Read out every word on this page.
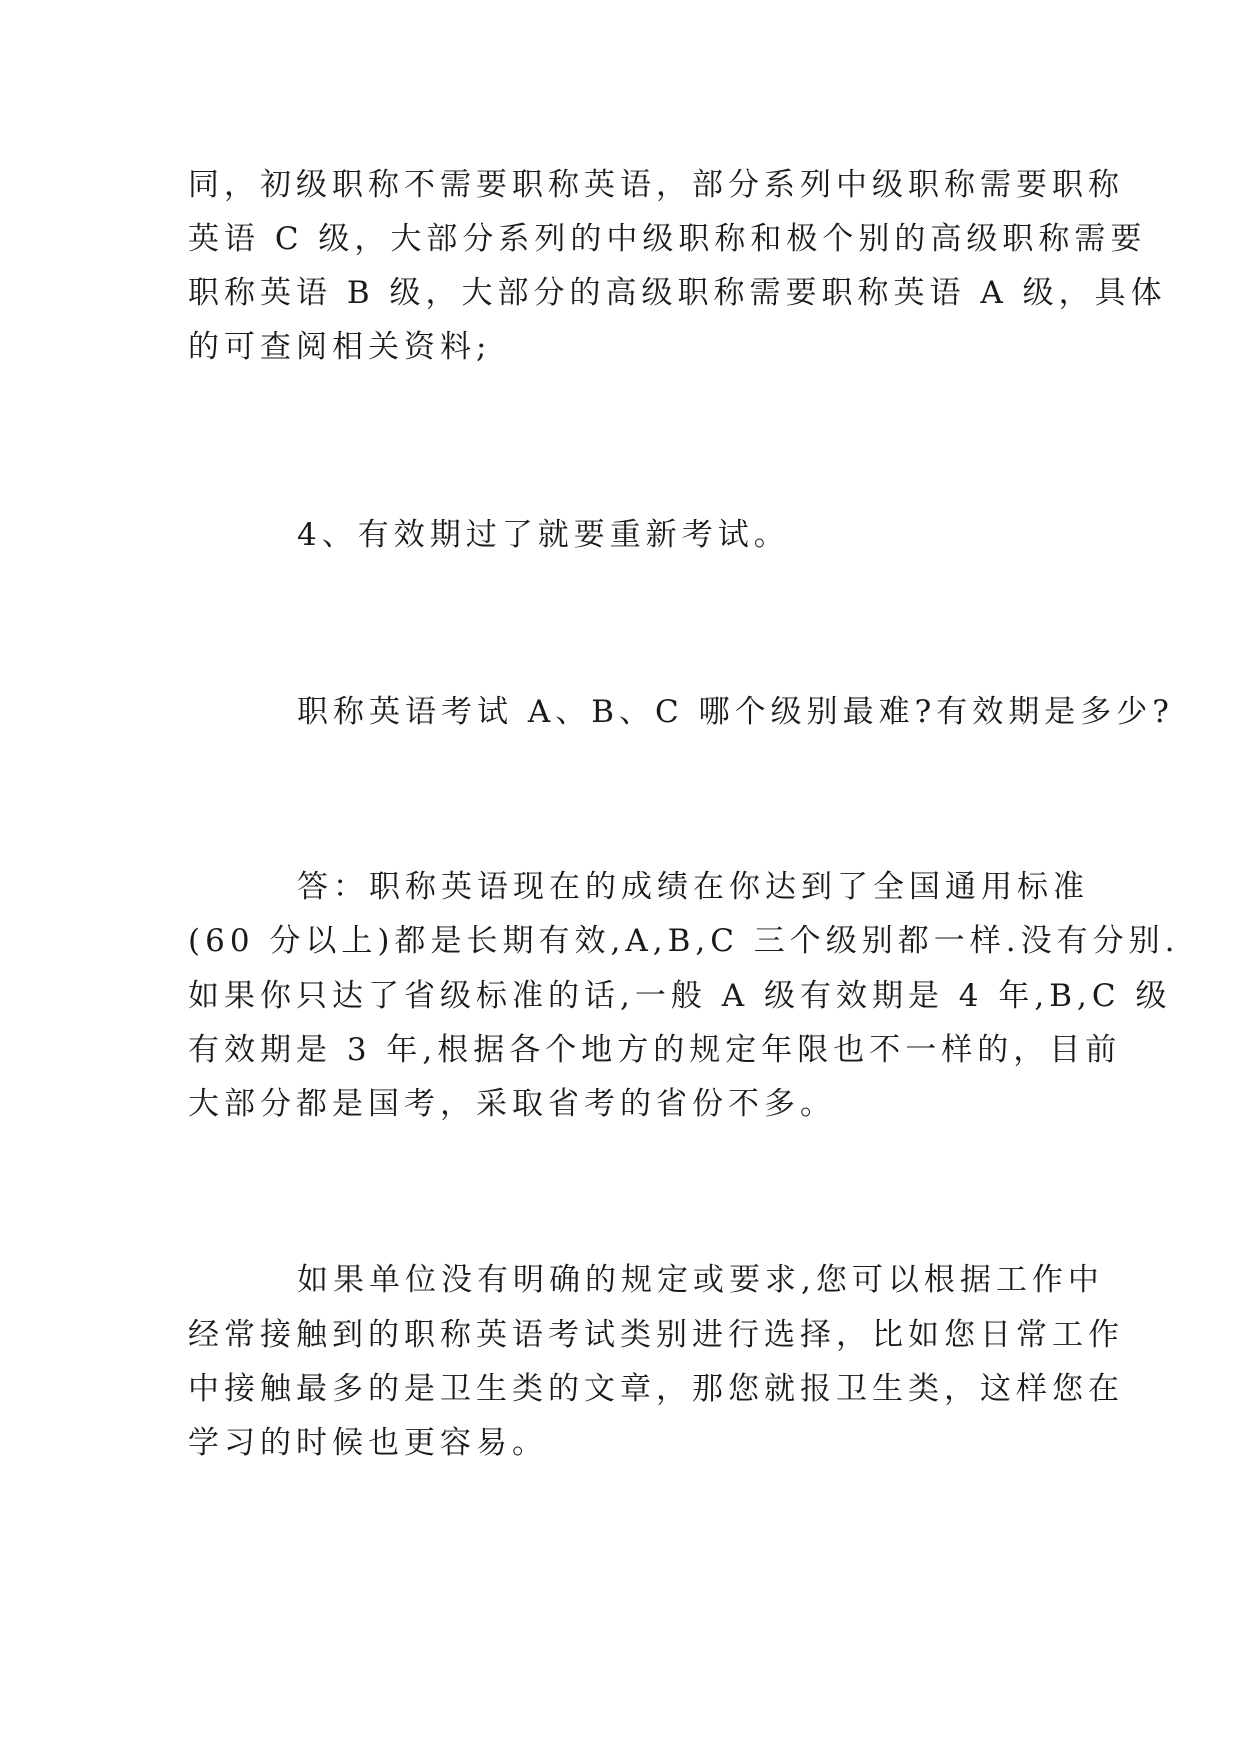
同，初级职称不需要职称英语，部分系列中级职称需要职称

英语 C 级，大部分系列的中级职称和极个别的高级职称需要

职称英语 B 级，大部分的高级职称需要职称英语 A 级，具体

的可查阅相关资料;

4、有效期过了就要重新考试。

职称英语考试 A、B、C 哪个级别最难?有效期是多少?

答：职称英语现在的成绩在你达到了全国通用标准

(60 分以上)都是长期有效,A,B,C 三个级别都一样.没有分别.

如果你只达了省级标准的话,一般 A 级有效期是 4 年,B,C 级

有效期是 3 年,根据各个地方的规定年限也不一样的，目前

大部分都是国考，采取省考的省份不多。

如果单位没有明确的规定或要求,您可以根据工作中

经常接触到的职称英语考试类别进行选择，比如您日常工作

中接触最多的是卫生类的文章，那您就报卫生类，这样您在

学习的时候也更容易。
